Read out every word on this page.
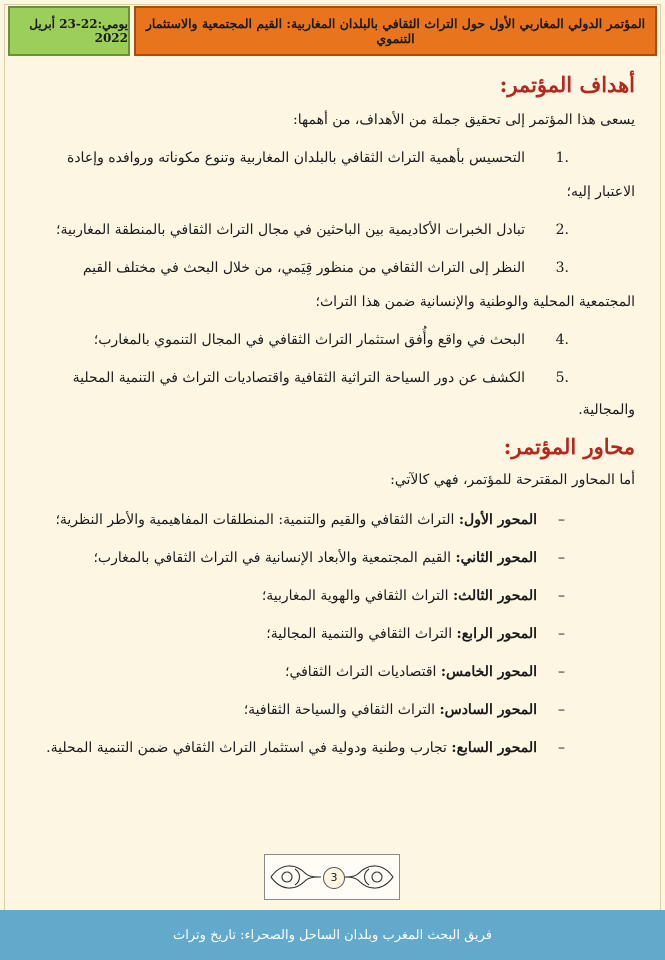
يومي:22-23 أبريل 2022
المؤتمر الدولي المغاربي الأول حول التراث الثقافي بالبلدان المغاربية: القيم المجتمعية والاستثمار التنموي
أهداف المؤتمر:

يسعى هذا المؤتمر إلى تحقيق جملة من الأهداف، من أهمها:

1.
التحسيس بأهمية التراث الثقافي بالبلدان المغاربية وتنوع مكوناته وروافده وإعادة
الاعتبار إليه؛
2.
تبادل الخبرات الأكاديمية بين الباحثين في مجال التراث الثقافي بالمنطقة المغاربية؛
3.
النظر إلى التراث الثقافي من منظور قِيَمي، من خلال البحث في مختلف القيم
المجتمعية المحلية والوطنية والإنسانية ضمن هذا التراث؛
4.
البحث في واقع وأُفق استثمار التراث الثقافي في المجال التنموي بالمغارب؛
5.
الكشف عن دور السياحة التراثية الثقافية واقتصاديات التراث في التنمية المحلية
والمجالية.
محاور المؤتمر:

أما المحاور المقترحة للمؤتمر، فهي كالآتي:

–
المحور الأول: التراث الثقافي والقيم والتنمية: المنطلقات المفاهيمية والأطر النظرية؛
–
المحور الثاني: القيم المجتمعية والأبعاد الإنسانية في التراث الثقافي بالمغارب؛
–
المحور الثالث: التراث الثقافي والهوية المغاربية؛
–
المحور الرابع: التراث الثقافي والتنمية المجالية؛
–
المحور الخامس: اقتصاديات التراث الثقافي؛
–
المحور السادس: التراث الثقافي والسياحة الثقافية؛
–
المحور السابع: تجارب وطنية ودولية في استثمار التراث الثقافي ضمن التنمية المحلية.
3
فريق البحث المغرب وبلدان الساحل والصحراء: تاريخ وتراث
